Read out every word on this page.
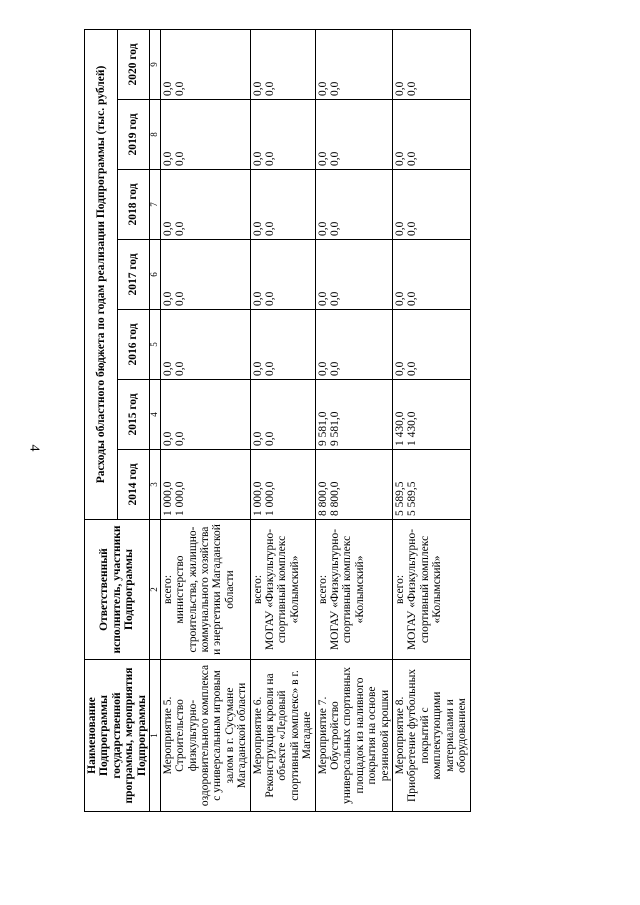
4
Наименование Подпрограммы государственной программы, мероприятия Подпрограммы	Ответственный исполнитель, участники Подпрограммы	Расходы областного бюджета по годам реализации Подпрограммы (тыс. рублей)						
		2014 год	2015 год	2016 год	2017 год	2018 год	2019 год	2020 год
1	2	3	4	5	6	7	8	9

Мероприятие 5. Строительство физкультурно-оздоровительного комплекса с универсальным игровым залом в г. Сусумане Магаданской области	всего: министерство строительства, жилищно-коммунального хозяйства и энергетики Магаданской области	1 000,0 1 000,0	0,0 0,0	0,0 0,0	0,0 0,0	0,0 0,0	0,0 0,0	0,0 0,0

Мероприятие 6. Реконструкция кровли на объекте «Ледовый спортивный комплекс» в г. Магадане	всего: МОГАУ «Физкультурно-спортивный комплекс «Колымский»	1 000,0 1 000,0	0,0 0,0	0,0 0,0	0,0 0,0	0,0 0,0	0,0 0,0	0,0 0,0

Мероприятие 7. Обустройство универсальных спортивных площадок из наливного покрытия на основе резиновой крошки	всего: МОГАУ «Физкультурно-спортивный комплекс «Колымский»	8 800,0 8 800,0	9 581,0 9 581,0	0,0 0,0	0,0 0,0	0,0 0,0	0,0 0,0	0,0 0,0

Мероприятие 8. Приобретение футбольных покрытий с комплектующими материалами и оборудованием	всего: МОГАУ «Физкультурно-спортивный комплекс «Колымский»	5 589,5 5 589,5	1 430,0 1 430,0	0,0 0,0	0,0 0,0	0,0 0,0	0,0 0,0	0,0 0,0
